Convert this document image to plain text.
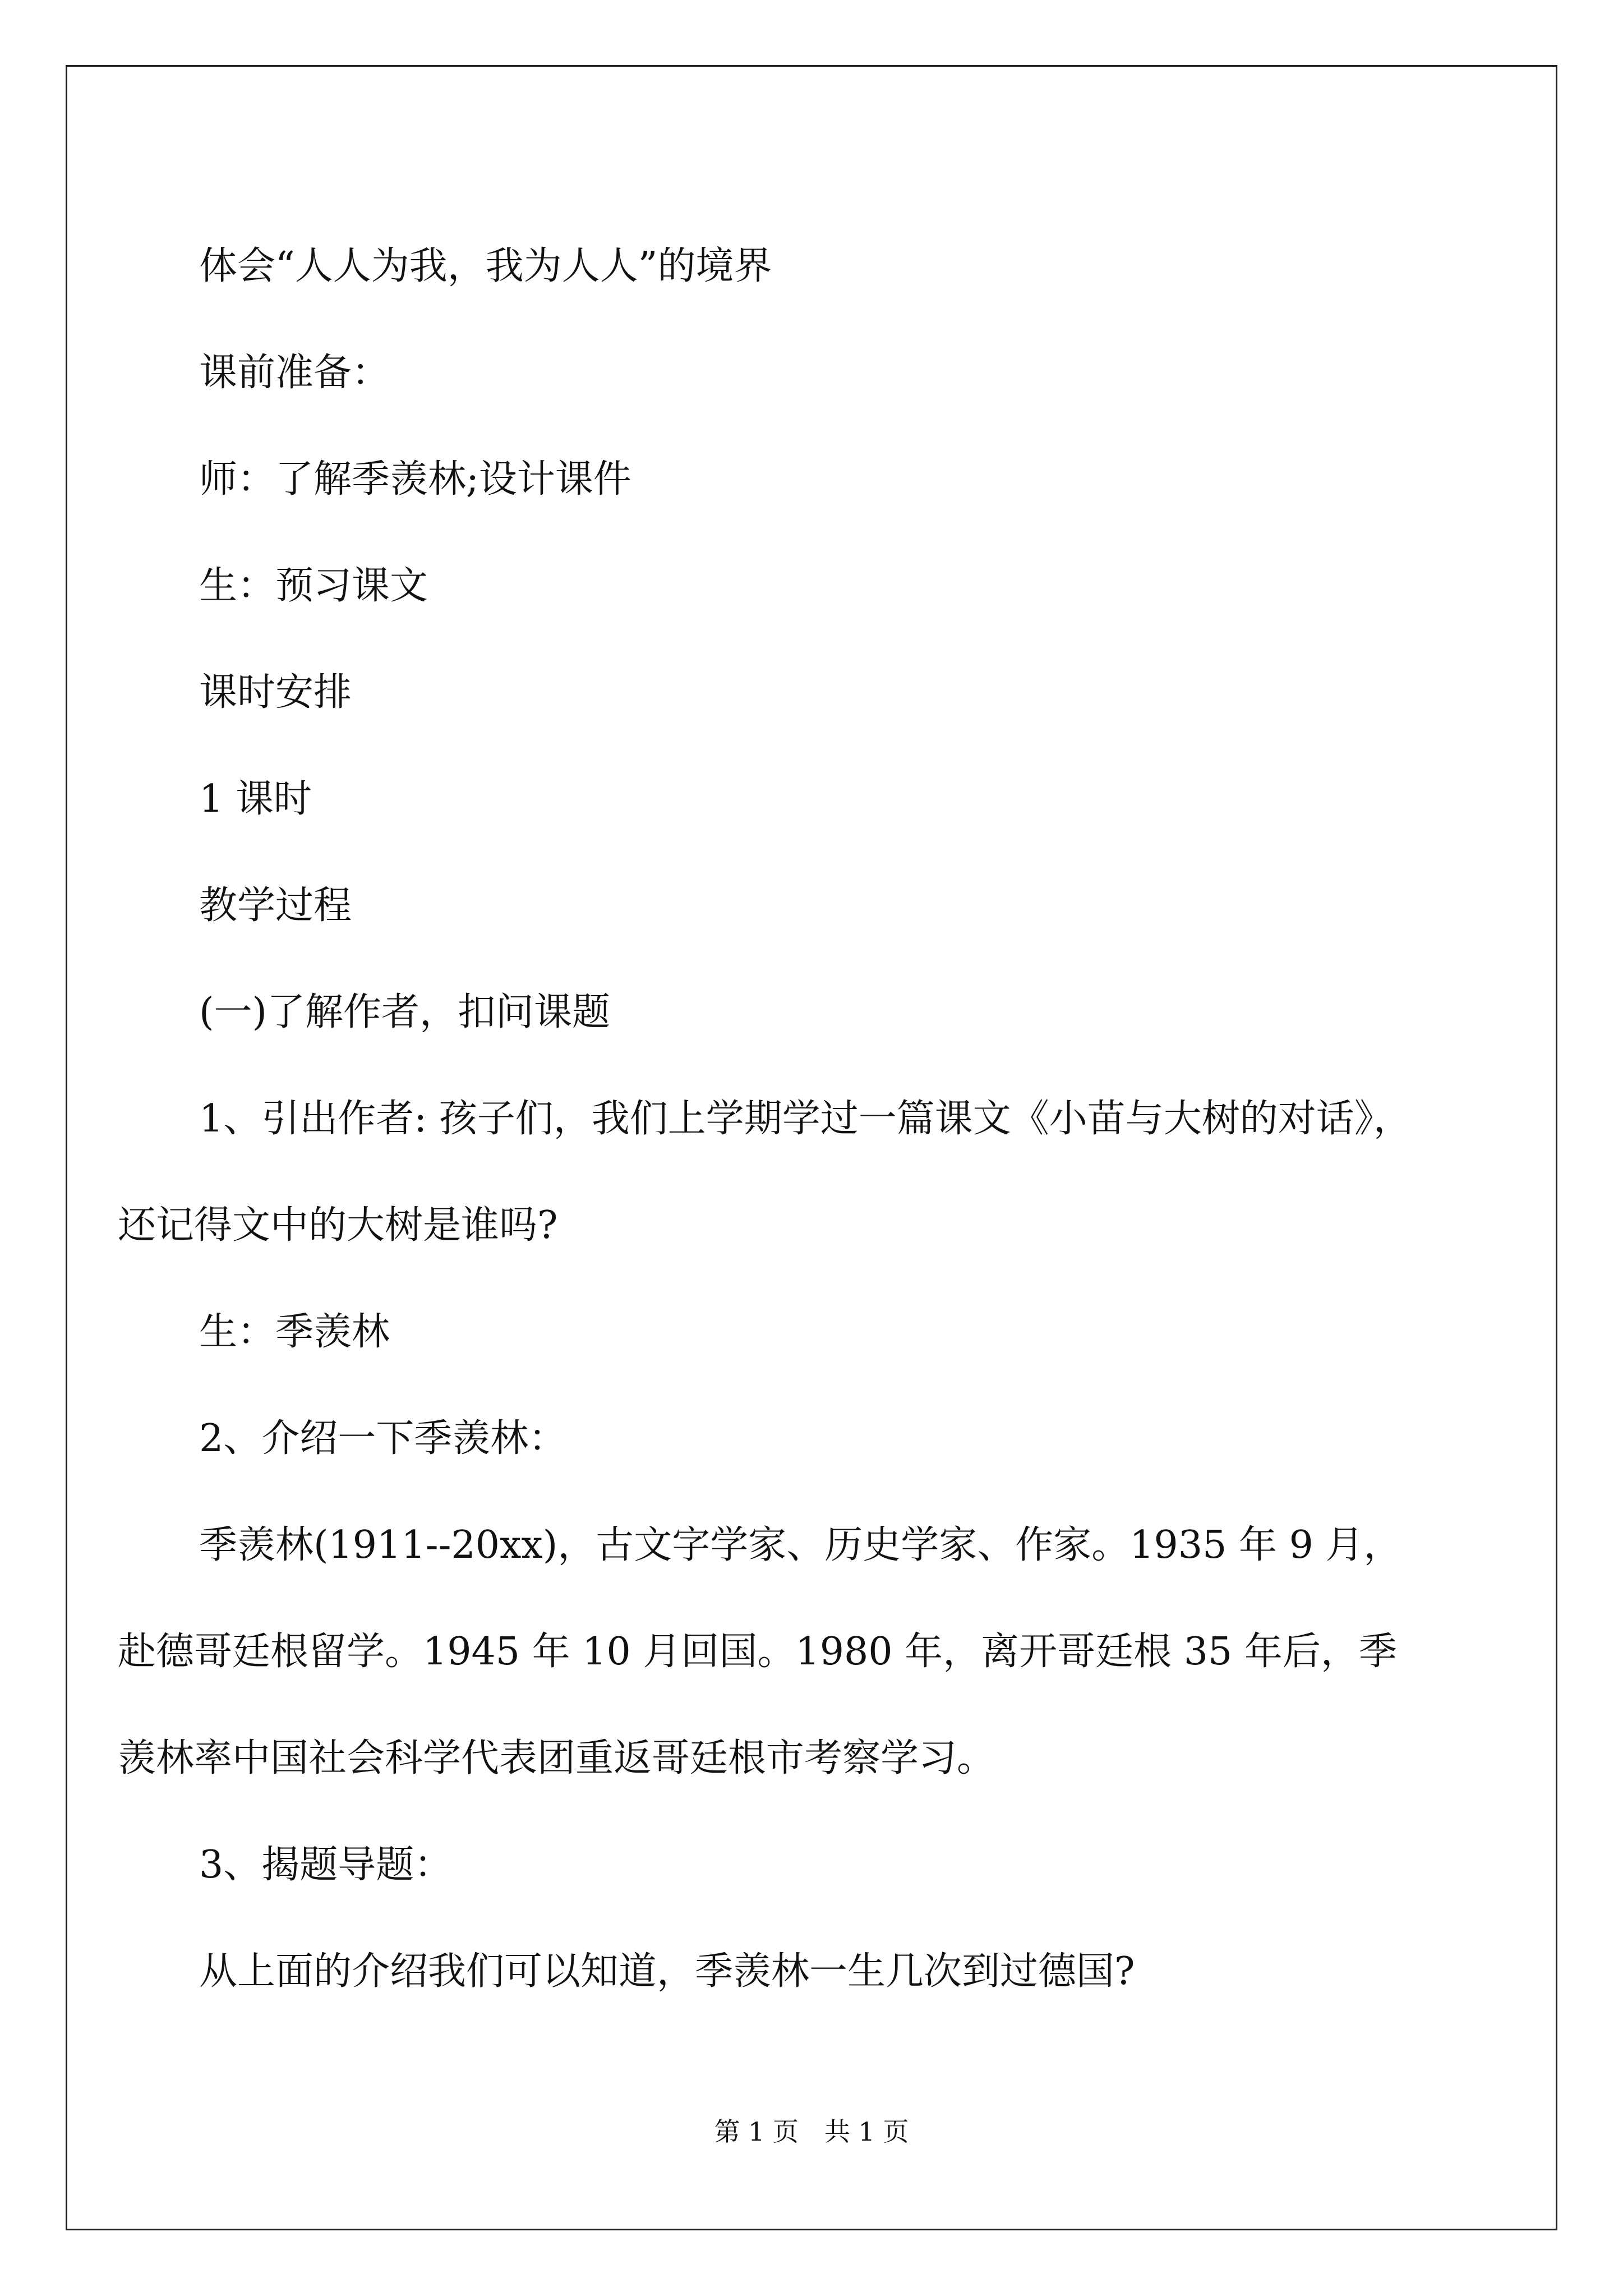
体会“人人为我，我为人人”的境界

课前准备：

师：了解季羡林;设计课件

生：预习课文

课时安排

1 课时

教学过程

(一)了解作者，扣问课题

1、引出作者: 孩子们，我们上学期学过一篇课文《小苗与大树的对话》，还记得文中的大树是谁吗?

生：季羡林

2、介绍一下季羡林：

季羡林(1911--20xx)，古文字学家、历史学家、作家。1935 年 9 月，赴德哥廷根留学。1945 年 10 月回国。1980 年，离开哥廷根 35 年后，季羡林率中国社会科学代表团重返哥廷根市考察学习。

3、揭题导题：

从上面的介绍我们可以知道，季羡林一生几次到过德国?

第 1 页　共 1 页
